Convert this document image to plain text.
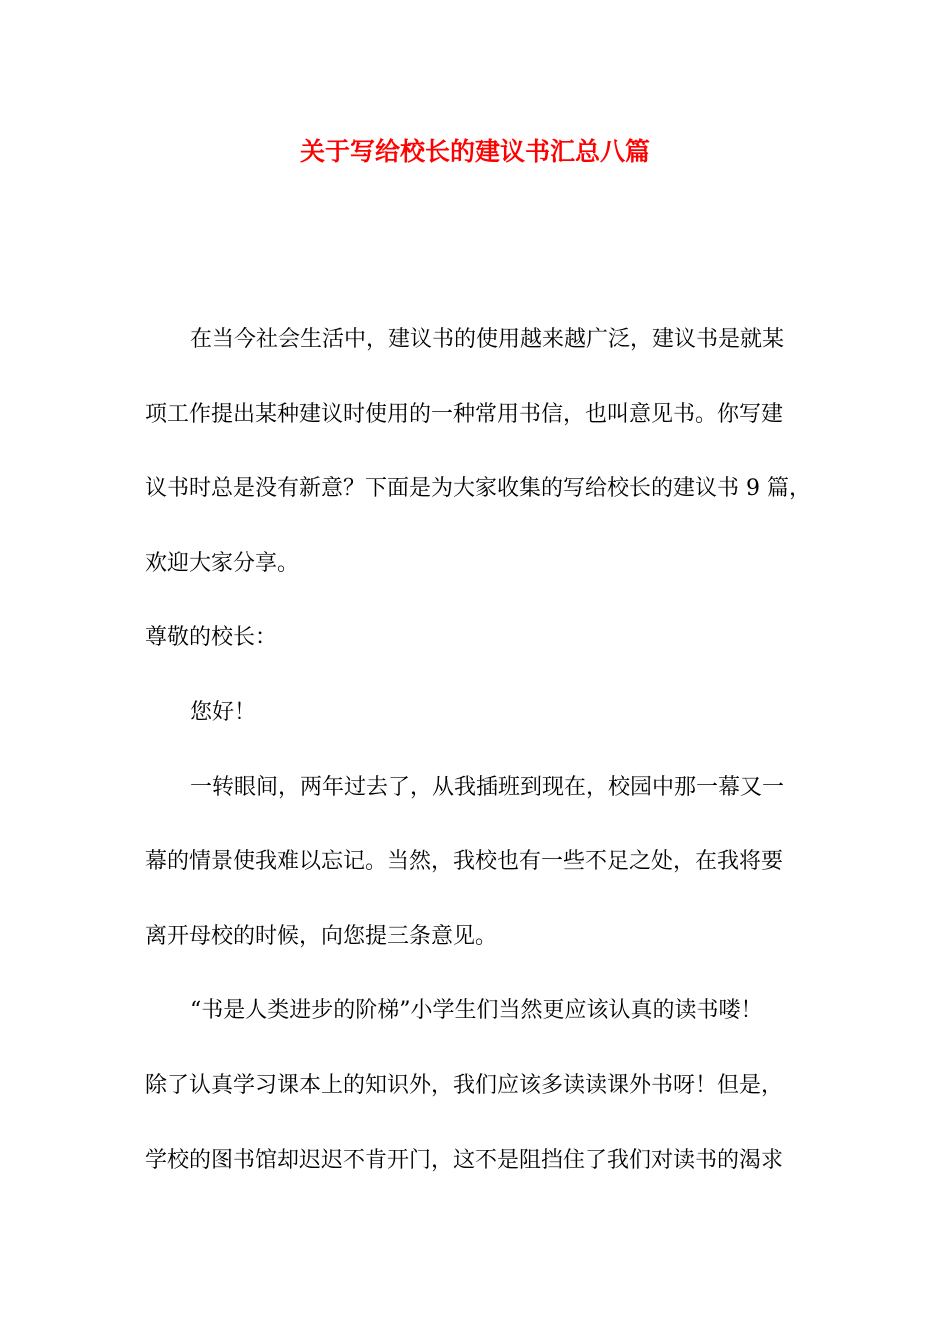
关于写给校长的建议书汇总八篇
在当今社会生活中，建议书的使用越来越广泛，建议书是就某
项工作提出某种建议时使用的一种常用书信，也叫意见书。你写建
议书时总是没有新意？下面是为大家收集的写给校长的建议书 9 篇，
欢迎大家分享。
尊敬的校长：
您好！
一转眼间，两年过去了，从我插班到现在，校园中那一幕又一
幕的情景使我难以忘记。当然，我校也有一些不足之处，在我将要
离开母校的时候，向您提三条意见。
“书是人类进步的阶梯”小学生们当然更应该认真的读书喽！
除了认真学习课本上的知识外，我们应该多读读课外书呀！但是，
学校的图书馆却迟迟不肯开门，这不是阻挡住了我们对读书的渴求
